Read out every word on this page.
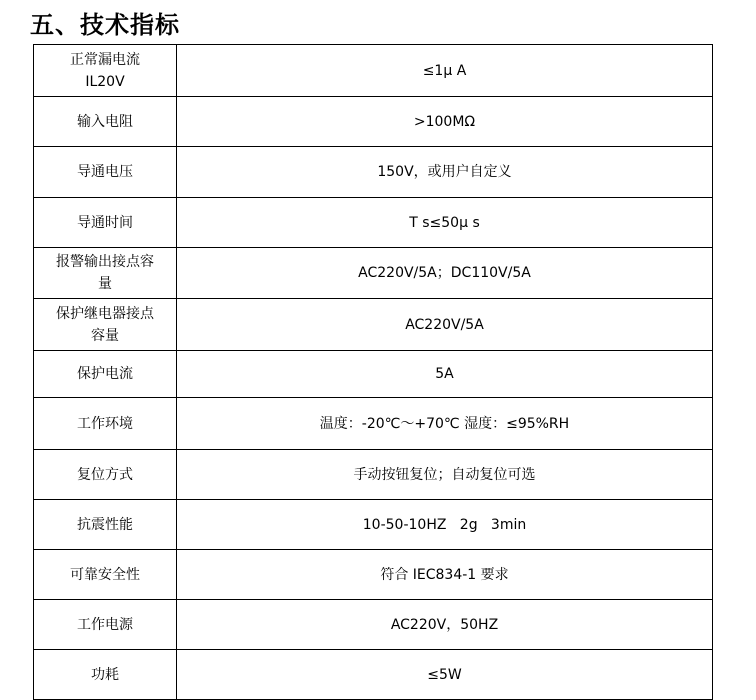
五、技术指标
正常漏电流
IL20V	≤1μ A

输入电阻	>100MΩ

导通电压	150V，或用户自定义

导通时间	T s≤50μ s

报警输出接点容
量	AC220V/5A；DC110V/5A

保护继电器接点
容量	AC220V/5A

保护电流	5A

工作环境	温度：-20℃～+70℃ 湿度：≤95%RH

复位方式	手动按钮复位；自动复位可选

抗震性能	10-50-10HZ   2g   3min

可靠安全性	符合 IEC834-1 要求

工作电源	AC220V，50HZ

功耗	≤5W
